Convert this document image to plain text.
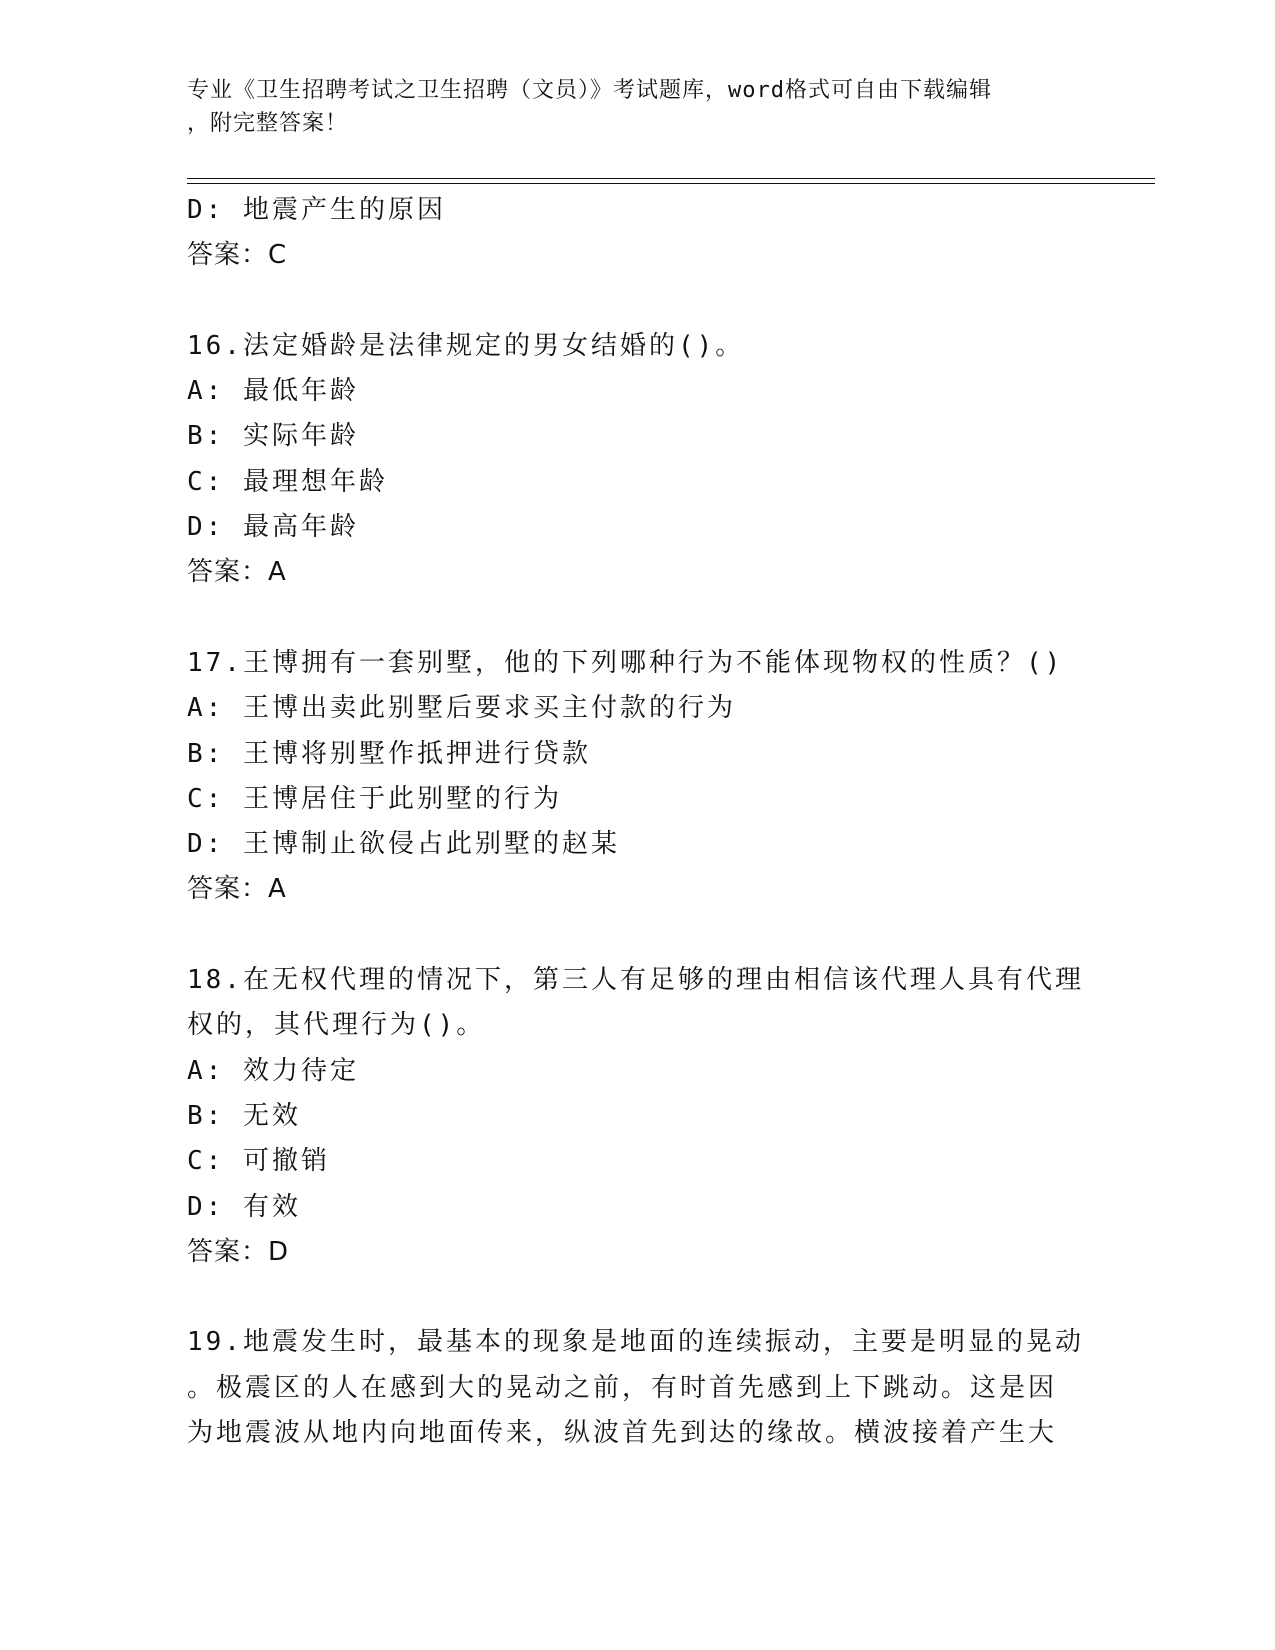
专业《卫生招聘考试之卫生招聘（文员）》考试题库，word格式可自由下载编辑
，附完整答案！
D: 地震产生的原因
答案：C
16.法定婚龄是法律规定的男女结婚的()。
A: 最低年龄
B: 实际年龄
C: 最理想年龄
D: 最高年龄
答案：A
17.王博拥有一套别墅，他的下列哪种行为不能体现物权的性质？()
A: 王博出卖此别墅后要求买主付款的行为
B: 王博将别墅作抵押进行贷款
C: 王博居住于此别墅的行为
D: 王博制止欲侵占此别墅的赵某
答案：A
18.在无权代理的情况下，第三人有足够的理由相信该代理人具有代理
权的，其代理行为()。
A: 效力待定
B: 无效
C: 可撤销
D: 有效
答案：D
19.地震发生时，最基本的现象是地面的连续振动，主要是明显的晃动
。极震区的人在感到大的晃动之前，有时首先感到上下跳动。这是因
为地震波从地内向地面传来，纵波首先到达的缘故。横波接着产生大
